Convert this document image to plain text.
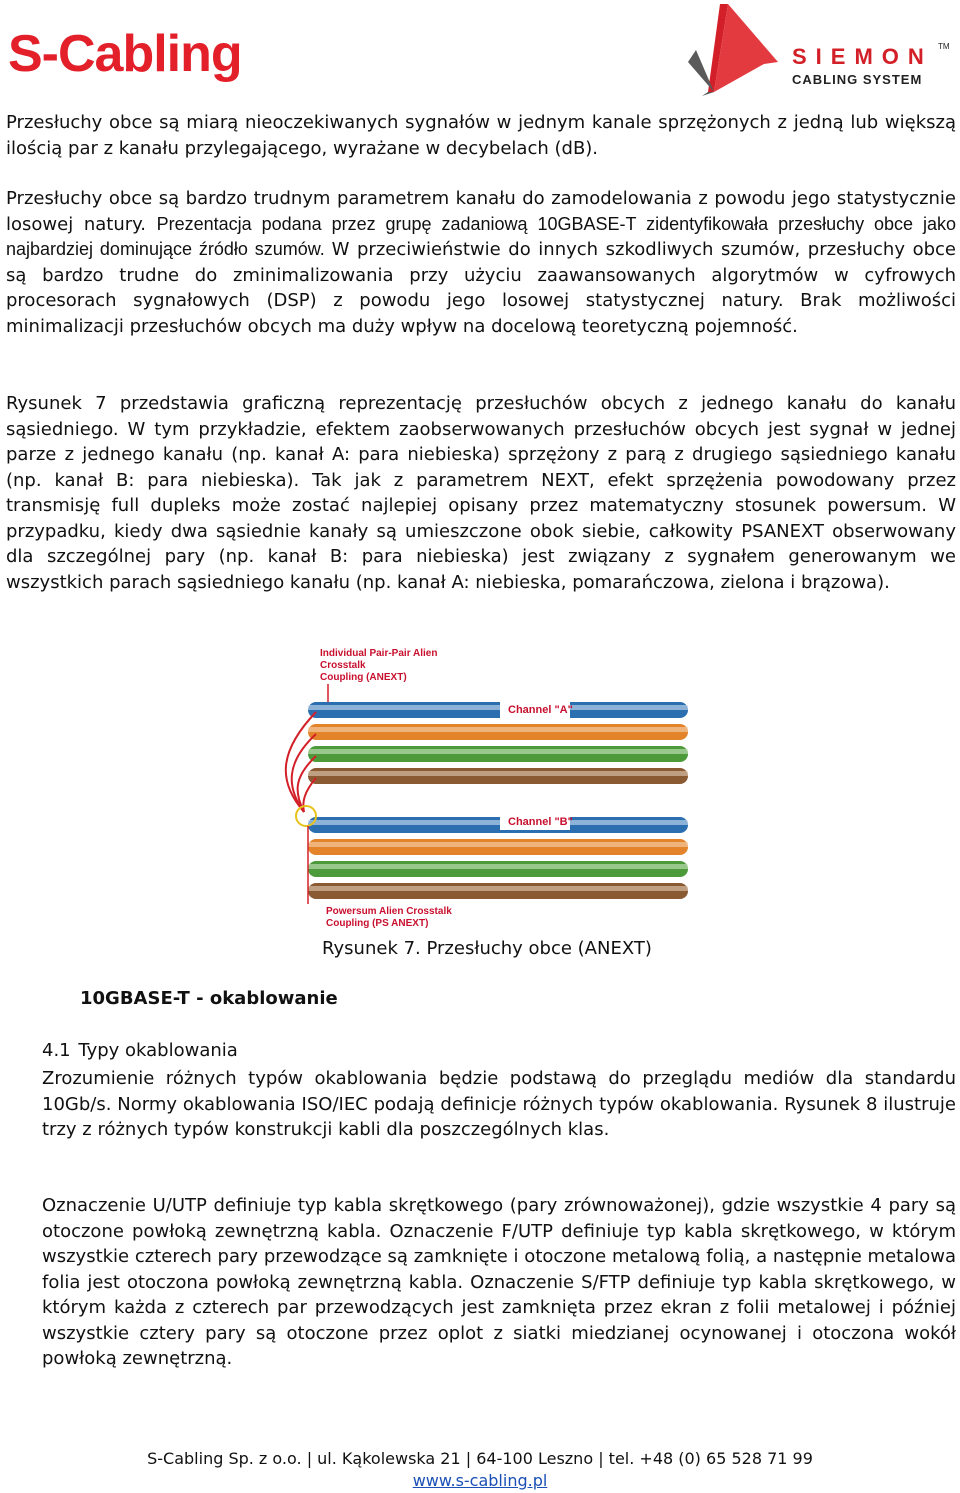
S-Cabling	SIEMON TM
CABLING SYSTEM

Przesłuchy obce są miarą nieoczekiwanych sygnałów w jednym kanale sprzężonych z jedną lub większą ilością par z kanału przylegającego, wyrażane w decybelach (dB).

Przesłuchy obce są bardzo trudnym parametrem kanału do zamodelowania z powodu jego statystycznie losowej natury. Prezentacja podana przez grupę zadaniową 10GBASE-T zidentyfikowała przesłuchy obce jako najbardziej dominujące źródło szumów. W przeciwieństwie do innych szkodliwych szumów, przesłuchy obce są bardzo trudne do zminimalizowania przy użyciu zaawansowanych algorytmów w cyfrowych procesorach sygnałowych (DSP) z powodu jego losowej statystycznej natury. Brak możliwości minimalizacji przesłuchów obcych ma duży wpływ na docelową teoretyczną pojemność.

Rysunek 7 przedstawia graficzną reprezentację przesłuchów obcych z jednego kanału do kanału sąsiedniego. W tym przykładzie, efektem zaobserwowanych przesłuchów obcych jest sygnał w jednej parze z jednego kanału (np. kanał A: para niebieska) sprzężony z parą z drugiego sąsiedniego kanału (np. kanał B: para niebieska). Tak jak z parametrem NEXT, efekt sprzężenia powodowany przez transmisję full dupleks może zostać najlepiej opisany przez matematyczny stosunek powersum. W przypadku, kiedy dwa sąsiednie kanały są umieszczone obok siebie, całkowity PSANEXT obserwowany dla szczególnej pary (np. kanał B: para niebieska) jest związany z sygnałem generowanym we wszystkich parach sąsiedniego kanału (np. kanał A: niebieska, pomarańczowa, zielona i brązowa).

Individual Pair-Pair Alien
Crosstalk
Coupling (ANEXT)
Channel "A"
Channel "B"
Powersum Alien Crosstalk
Coupling (PS ANEXT)
Rysunek 7. Przesłuchy obce (ANEXT)
10GBASE-T - okablowanie
4.1 Typy okablowania

Zrozumienie różnych typów okablowania będzie podstawą do przeglądu mediów dla standardu 10Gb/s. Normy okablowania ISO/IEC podają definicje różnych typów okablowania. Rysunek 8 ilustruje trzy z różnych typów konstrukcji kabli dla poszczególnych klas.

Oznaczenie U/UTP definiuje typ kabla skrętkowego (pary zrównoważonej), gdzie wszystkie 4 pary są otoczone powłoką zewnętrzną kabla. Oznaczenie F/UTP definiuje typ kabla skrętkowego, w którym wszystkie czterech pary przewodzące są zamknięte i otoczone metalową folią, a następnie metalowa folia jest otoczona powłoką zewnętrzną kabla. Oznaczenie S/FTP definiuje typ kabla skrętkowego, w którym każda z czterech par przewodzących jest zamknięta przez ekran z folii metalowej i później wszystkie cztery pary są otoczone przez oplot z siatki miedzianej ocynowanej i otoczona wokół powłoką zewnętrzną.

S-Cabling Sp. z o.o. | ul. Kąkolewska 21 | 64-100 Leszno | tel. +48 (0) 65 528 71 99
www.s-cabling.pl
